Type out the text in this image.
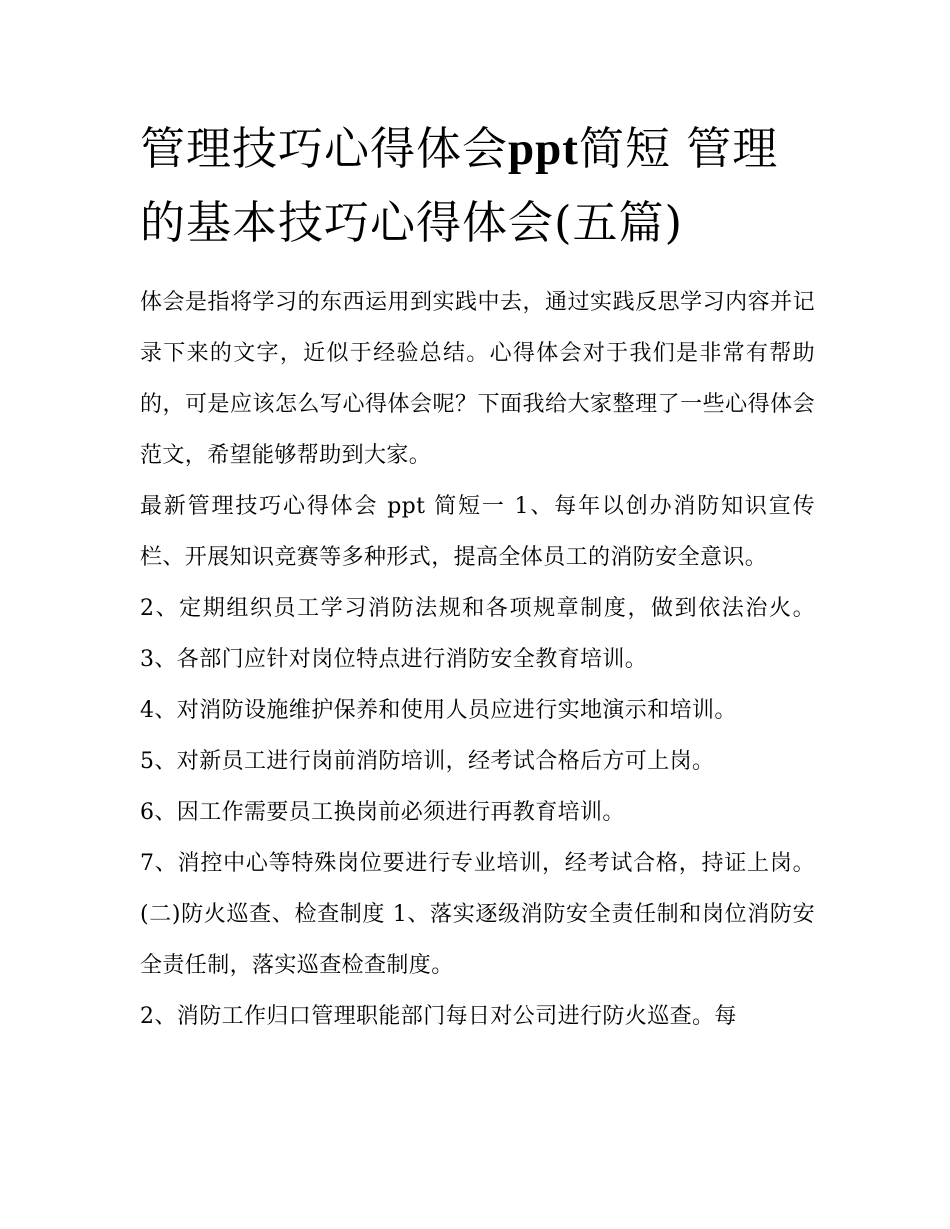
管理技巧心得体会ppt简短 管理的基本技巧心得体会(五篇)

体会是指将学习的东西运用到实践中去，通过实践反思学习内容并记录下来的文字，近似于经验总结。心得体会对于我们是非常有帮助的，可是应该怎么写心得体会呢？下面我给大家整理了一些心得体会范文，希望能够帮助到大家。

最新管理技巧心得体会 ppt 简短一 1、每年以创办消防知识宣传栏、开展知识竞赛等多种形式，提高全体员工的消防安全意识。

2、定期组织员工学习消防法规和各项规章制度，做到依法治火。 3、各部门应针对岗位特点进行消防安全教育培训。

4、对消防设施维护保养和使用人员应进行实地演示和培训。

5、对新员工进行岗前消防培训，经考试合格后方可上岗。

6、因工作需要员工换岗前必须进行再教育培训。

7、消控中心等特殊岗位要进行专业培训，经考试合格，持证上岗。 (二)防火巡查、检查制度 1、落实逐级消防安全责任制和岗位消防安全责任制，落实巡查检查制度。

2、消防工作归口管理职能部门每日对公司进行防火巡查。每
